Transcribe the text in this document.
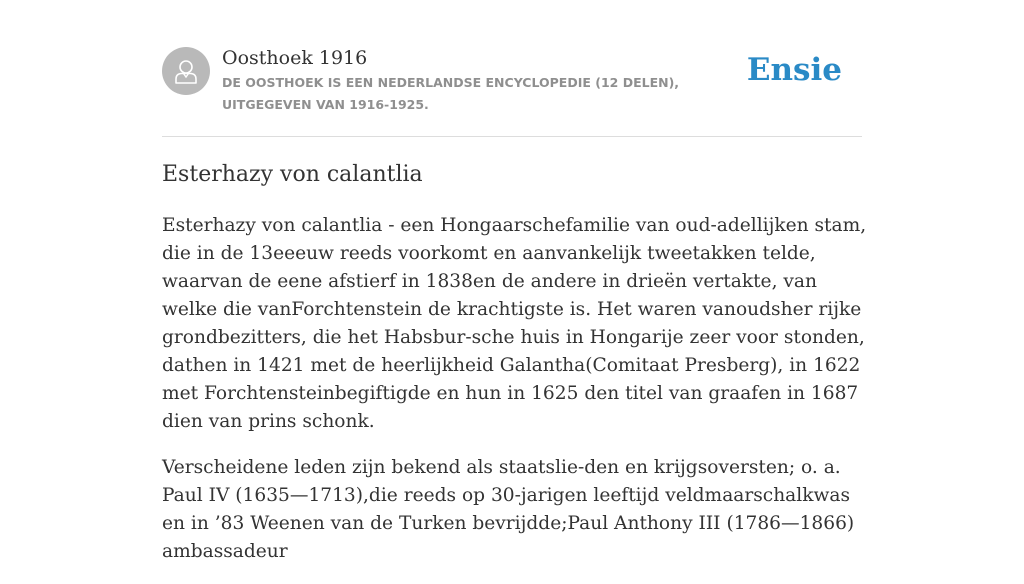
Oosthoek 1916
DE OOSTHOEK IS EEN NEDERLANDSE ENCYCLOPEDIE (12 DELEN), UITGEGEVEN VAN 1916-1925.
Ensie
Esterhazy von calantlia

Esterhazy von calantlia - een Hongaarschefamilie van oud-adellijken stam, die in de 13eeeuw reeds voorkomt en aanvankelijk tweetakken telde, waarvan de eene afstierf in 1838en de andere in drieën vertakte, van welke die vanForchtenstein de krachtigste is. Het waren vanoudsher rijke grondbezitters, die het Habsbur-sche huis in Hongarije zeer voor stonden, dathen in 1421 met de heerlijkheid Galantha(Comitaat Presberg), in 1622 met Forchtensteinbegiftigde en hun in 1625 den titel van graafen in 1687 dien van prins schonk.

Verscheidene leden zijn bekend als staatslie-den en krijgsoversten; o. a. Paul IV (1635—1713),die reeds op 30-jarigen leeftijd veldmaarschalkwas en in ’83 Weenen van de Turken bevrijdde;Paul Anthony III (1786—1866) ambassadeur
